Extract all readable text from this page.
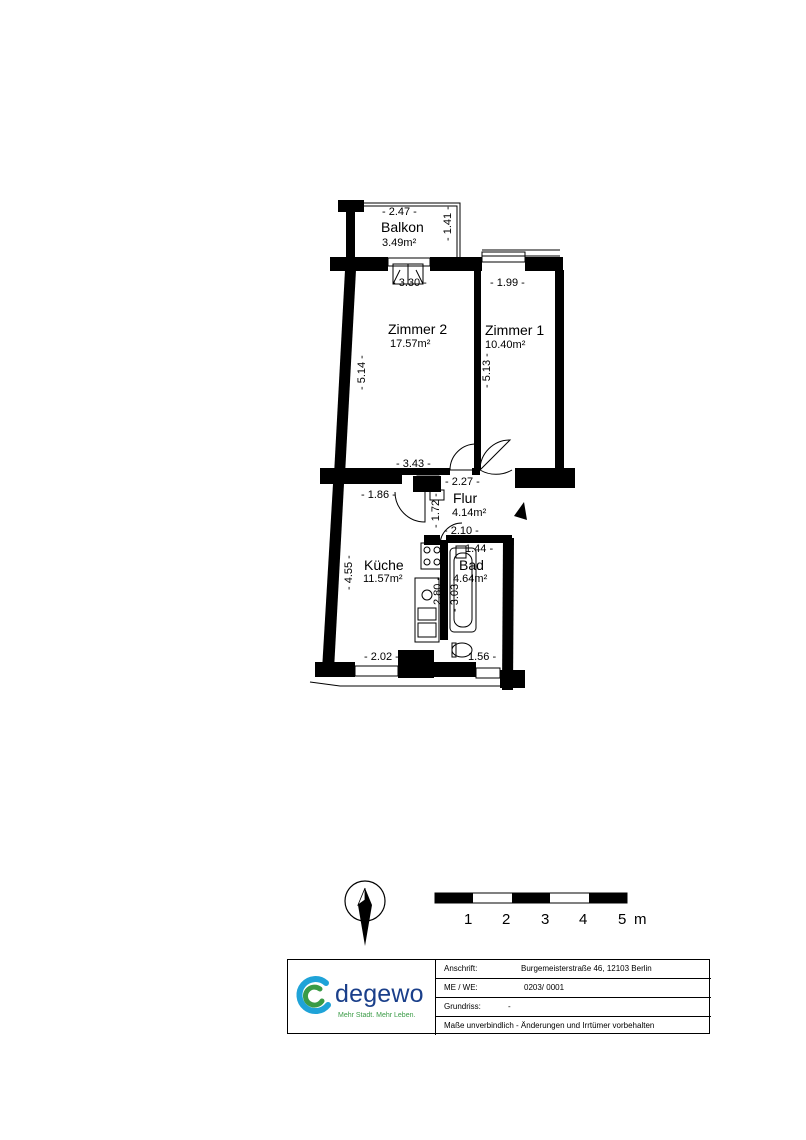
Balkon
3.49m²
Zimmer 2
17.57m²
Zimmer 1
10.40m²
Flur
4.14m²
Küche
11.57m²
Bad
4.64m²
- 2.47 - - 1.41 -
- 3.30 -	- 1.99 -
- 5.14 -	- 5.13 -
- 3.43 -
- 2.27 -
- 1.86 -	- 1.72 -
- 2.10 -
1.44 -
- 4.55 -
2.80 - - 3.03
- 2.02 -	1.56 -
1 2 3 4 5 m
degewo
Mehr Stadt. Mehr Leben.
Anschrift:	Burgemeisterstraße 46, 12103 Berlin
ME / WE:	0203/ 0001
Grundriss:	-
Maße unverbindlich - Änderungen und Irrtümer vorbehalten
